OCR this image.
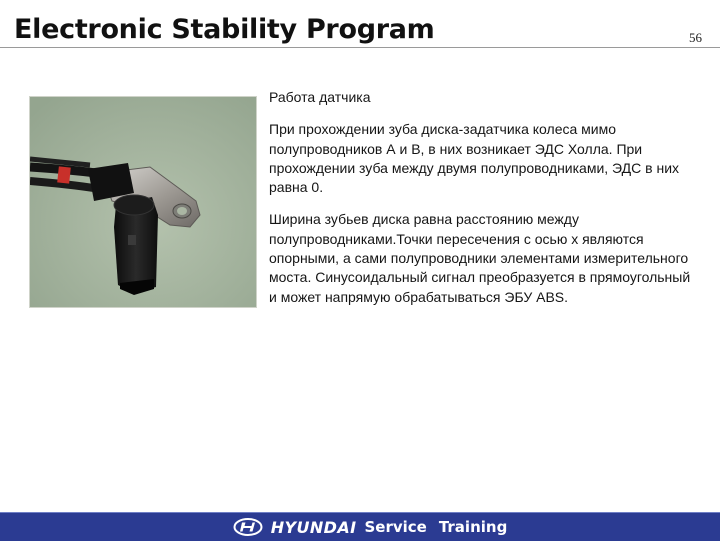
Electronic Stability Program	56

Работа датчика

При прохождении зуба диска-задатчика колеса мимо полупроводников А и В, в них возникает ЭДС Холла. При прохождении зуба между двумя полупроводниками, ЭДС в них равна 0.

Ширина зубьев диска равна расстоянию между полупроводниками.Точки пересечения с осью х являются опорными, а сами полупроводники элементами измерительного моста. Синусоидальный сигнал преобразуется в прямоугольный и может напрямую обрабатываться ЭБУ ABS.

HYUNDAI Service Training
